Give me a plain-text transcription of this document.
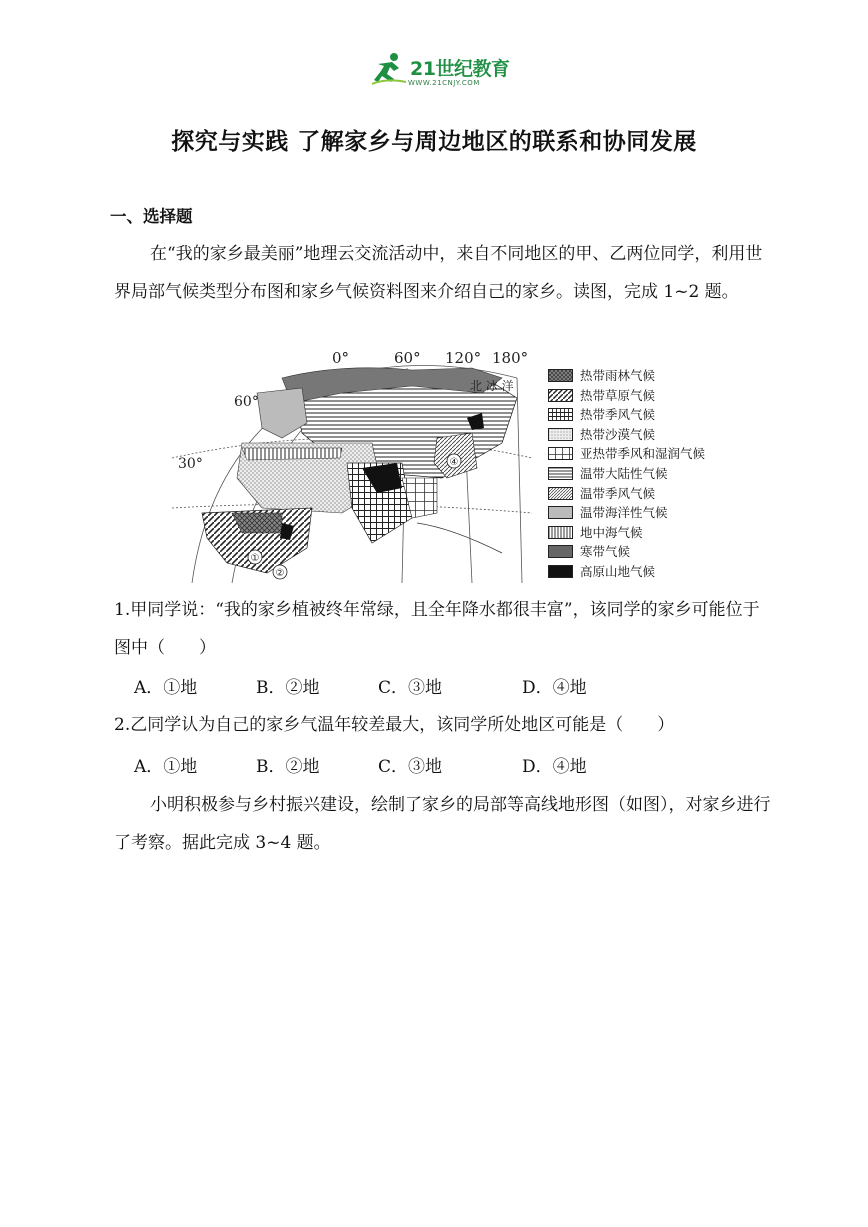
21世纪教育
WWW.21CNJY.COM
探究与实践 了解家乡与周边地区的联系和协同发展
一、选择题

在“我的家乡最美丽”地理云交流活动中，来自不同地区的甲、乙两位同学，利用世界局部气候类型分布图和家乡气候资料图来介绍自己的家乡。读图，完成 1~2 题。

0°	60° 120° 180°
60°
30°
北 冰 洋
①
②
④
热带雨林气候
热带草原气候
热带季风气候
热带沙漠气候
亚热带季风和湿润气候
温带大陆性气候
温带季风气候
温带海洋性气候
地中海气候
寒带气候
高原山地气候

1.甲同学说：“我的家乡植被终年常绿，且全年降水都很丰富”，该同学的家乡可能位于图中（　　）

A．①地	B．②地	C．③地	D．④地

2.乙同学认为自己的家乡气温年较差最大，该同学所处地区可能是（　　）

A．①地	B．②地	C．③地	D．④地

小明积极参与乡村振兴建设，绘制了家乡的局部等高线地形图（如图），对家乡进行了考察。据此完成 3~4 题。
